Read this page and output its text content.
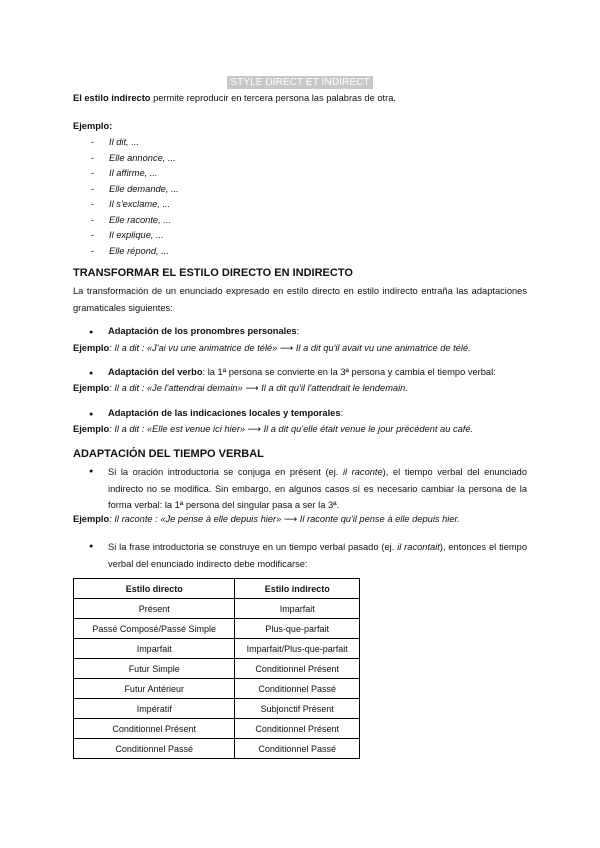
STYLE DIRECT ET INDIRECT
El estilo indirecto permite reproducir en tercera persona las palabras de otra.
Ejemplo:
- Il dit, ...
- Elle annonce, ...
- Il affirme, ...
- Elle demande, ...
- Il s'exclame, ...
- Elle raconte, ...
- Il explique, ...
- Elle répond, ...
TRANSFORMAR EL ESTILO DIRECTO EN INDIRECTO
La transformación de un enunciado expresado en estilo directo en estilo indirecto entraña las adaptaciones gramaticales siguientes:
● Adaptación de los pronombres personales:
Ejemplo: Il a dit : «J'ai vu une animatrice de télé» ⟶ Il a dit qu'il avait vu une animatrice de télé.
● Adaptación del verbo: la 1ª persona se convierte en la 3ª persona y cambia el tiempo verbal:
Ejemplo: Il a dit : «Je l'attendrai demain» ⟶ Il a dit qu'il l'attendrait le lendemain.
● Adaptación de las indicaciones locales y temporales:
Ejemplo: Il a dit : «Elle est venue ici hier» ⟶ Il a dit qu'elle était venue le jour précédent au café.
ADAPTACIÓN DEL TIEMPO VERBAL
● Si la oración introductoria se conjuga en présent (ej. il raconte), el tiempo verbal del enunciado indirecto no se modifica. Sin embargo, en algunos casos sí es necesario cambiar la persona de la forma verbal: la 1ª persona del singular pasa a ser la 3ª.
Ejemplo: Il raconte : «Je pense à elle depuis hier» ⟶ Il raconte qu'il pense à elle depuis hier.
● Si la frase introductoria se construye en un tiempo verbal pasado (ej. il racontait), entonces el tiempo verbal del enunciado indirecto debe modificarse:
Estilo directo	Estilo indirecto
Présent	Imparfait
Passé Composé/Passé Simple	Plus-que-parfait
Imparfait	Imparfait/Plus-que-parfait
Futur Simple	Conditionnel Présent
Futur Antérieur	Conditionnel Passé
Impératif	Subjonctif Présent
Conditionnel Présent	Conditionnel Présent
Conditionnel Passé	Conditionnel Passé
